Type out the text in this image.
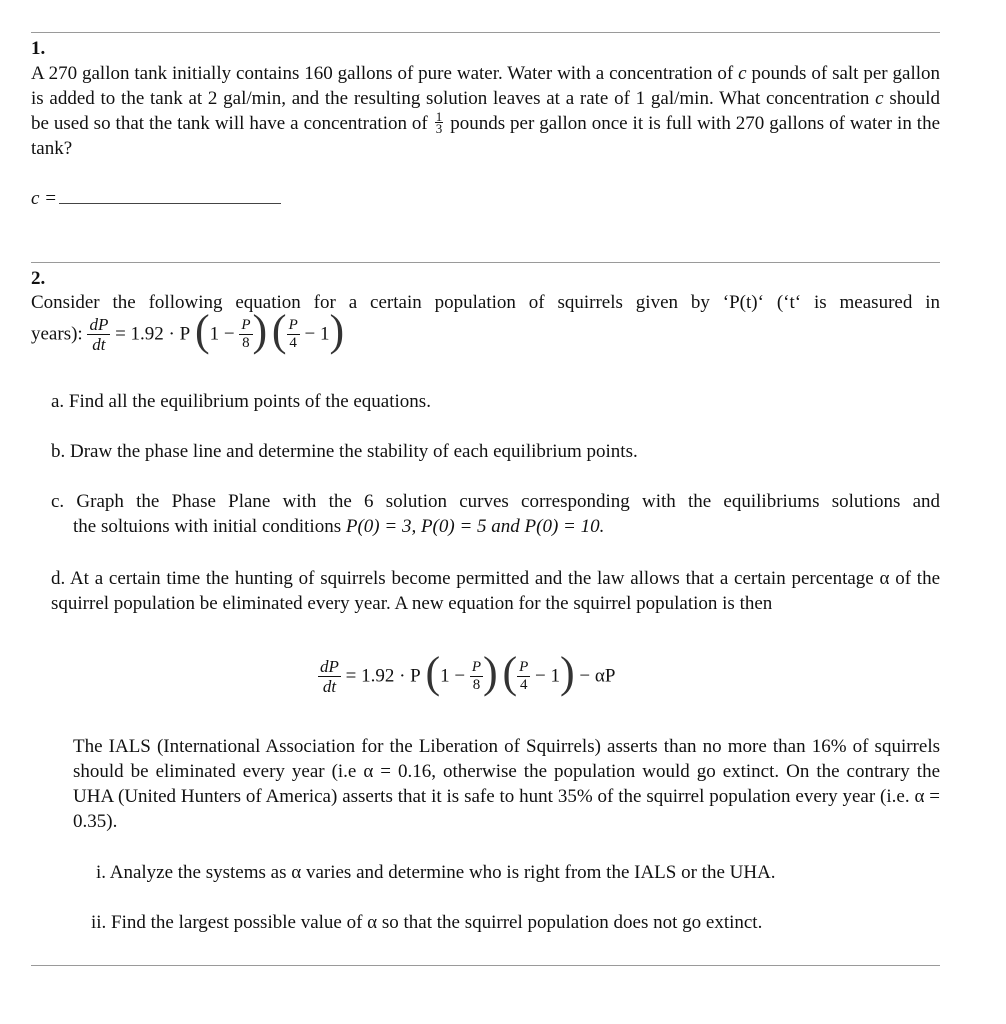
1.
A 270 gallon tank initially contains 160 gallons of pure water. Water with a concentration of c pounds of salt per gallon is added to the tank at 2 gal/min, and the resulting solution leaves at a rate of 1 gal/min. What concentration c should be used so that the tank will have a concentration of $\frac{1}{3}$ pounds per gallon once it is full with 270 gallons of water in the tank?
c =
2.
Consider the following equation for a certain population of squirrels given by ‘P(t)‘ (‘t‘ is measured in
years): $\frac{dP}{dt} = 1.92 \cdot P$ ($1 - \frac{P}{8}$ ) ( $\frac{P}{4} - 1$)
a. Find all the equilibrium points of the equations.
b. Draw the phase line and determine the stability of each equilibrium points.
c. Graph the Phase Plane with the 6 solution curves corresponding with the equilibriums solutions and
the soltuions with initial conditions P(0) = 3, P(0) = 5 and P(0) = 10.
d. At a certain time the hunting of squirrels become permitted and the law allows that a certain percentage α of the squirrel population be eliminated every year. A new equation for the squirrel population is then
$\frac{dP}{dt} = 1.92 \cdot P$ ($1 - \frac{P}{8}$ ) ( $\frac{P}{4} - 1) - \alpha P$
The IALS (International Association for the Liberation of Squirrels) asserts than no more than 16% of squirrels should be eliminated every year (i.e α = 0.16, otherwise the population would go extinct. On the contrary the UHA (United Hunters of America) asserts that it is safe to hunt 35% of the squirrel population every year (i.e. α = 0.35).
i. Analyze the systems as α varies and determine who is right from the IALS or the UHA.
ii. Find the largest possible value of α so that the squirrel population does not go extinct.
